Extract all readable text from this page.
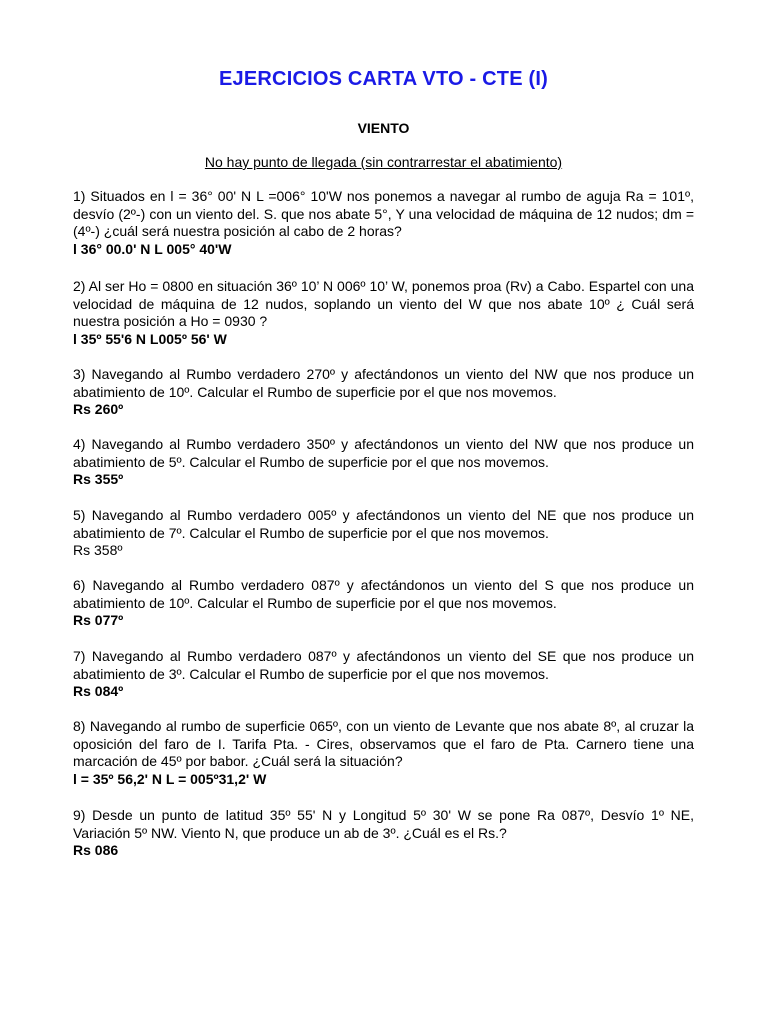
EJERCICIOS CARTA VTO - CTE (I)
VIENTO
No hay punto de llegada (sin contrarrestar el abatimiento)

1) Situados en l = 36° 00' N L =006° 10'W nos ponemos a navegar al rumbo de aguja Ra = 101º, desvío (2º-) con un viento del. S. que nos abate 5°, Y una velocidad de máquina de 12 nudos; dm = (4º-) ¿cuál será nuestra posición al cabo de 2 horas?

l 36° 00.0' N L 005° 40'W

2) Al ser Ho = 0800 en situación 36º 10’ N 006º 10’ W, ponemos proa (Rv) a Cabo. Espartel con una velocidad de máquina de 12 nudos, soplando un viento del W que nos abate 10º ¿ Cuál será nuestra posición a Ho = 0930 ?

l 35º 55'6 N L005º 56' W

3) Navegando al Rumbo verdadero 270º y afectándonos un viento del NW que nos produce un abatimiento de 10º. Calcular el Rumbo de superficie por el que nos movemos.

Rs 260º

4) Navegando al Rumbo verdadero 350º y afectándonos un viento del NW que nos produce un abatimiento de 5º. Calcular el Rumbo de superficie por el que nos movemos.

Rs 355º

5) Navegando al Rumbo verdadero 005º y afectándonos un viento del NE que nos produce un abatimiento de 7º. Calcular el Rumbo de superficie por el que nos movemos.

Rs 358º

6) Navegando al Rumbo verdadero 087º y afectándonos un viento del S que nos produce un abatimiento de 10º. Calcular el Rumbo de superficie por el que nos movemos.

Rs 077º

7) Navegando al Rumbo verdadero 087º y afectándonos un viento del SE que nos produce un abatimiento de 3º. Calcular el Rumbo de superficie por el que nos movemos.

Rs 084º

8) Navegando al rumbo de superficie 065º, con un viento de Levante que nos abate 8º, al cruzar la oposición del faro de I. Tarifa Pta. - Cires, observamos que el faro de Pta. Carnero tiene una marcación de 45º por babor. ¿Cuál será la situación?

l = 35º 56,2' N L = 005º31,2' W

9) Desde un punto de latitud 35º 55' N y Longitud 5º 30' W se pone Ra 087º, Desvío 1º NE, Variación 5º NW. Viento N, que produce un ab de 3º. ¿Cuál es el Rs.?

Rs 086
